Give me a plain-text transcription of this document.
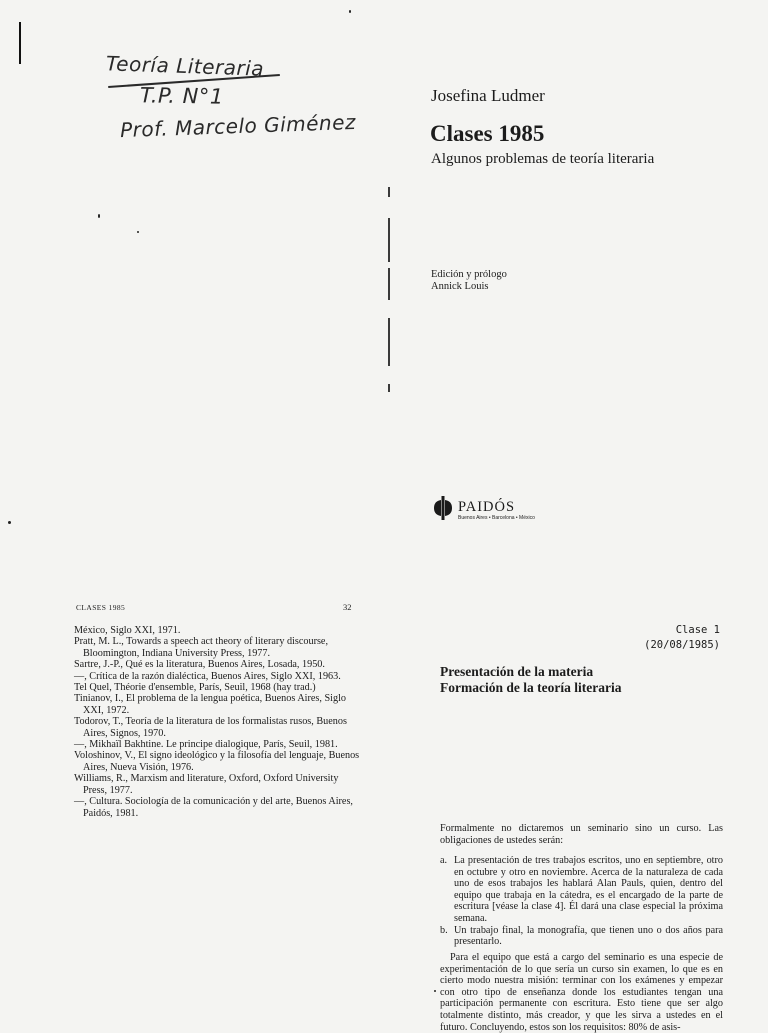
Teoría Literaria
T.P. N°1
Prof. Marcelo Giménez
Josefina Ludmer
Clases 1985
Algunos problemas de teoría literaria
Edición y prólogo
Annick Louis
PAIDÓS
Buenos Aires • Barcelona • México
CLASES 1985	32
México, Siglo XXI, 1971.
Pratt, M. L., Towards a speech act theory of literary discourse, Bloomington, Indiana University Press, 1977.
Sartre, J.-P., Qué es la literatura, Buenos Aires, Losada, 1950.
—, Crítica de la razón dialéctica, Buenos Aires, Siglo XXI, 1963.
Tel Quel, Théorie d'ensemble, París, Seuil, 1968 (hay trad.)
Tinianov, I., El problema de la lengua poética, Buenos Aires, Siglo XXI, 1972.
Todorov, T., Teoría de la literatura de los formalistas rusos, Buenos Aires, Signos, 1970.
—, Mikhaïl Bakhtine. Le principe dialogique, París, Seuil, 1981.
Voloshinov, V., El signo ideológico y la filosofía del lenguaje, Buenos Aires, Nueva Visión, 1976.
Williams, R., Marxism and literature, Oxford, Oxford University Press, 1977.
—, Cultura. Sociología de la comunicación y del arte, Buenos Aires, Paidós, 1981.
Clase 1
(20/08/1985)
Presentación de la materia
Formación de la teoría literaria
Formalmente no dictaremos un seminario sino un curso. Las obligaciones de ustedes serán:
a. La presentación de tres trabajos escritos, uno en septiembre, otro en octubre y otro en noviembre. Acerca de la naturaleza de cada uno de esos trabajos les hablará Alan Pauls, quien, dentro del equipo que trabaja en la cátedra, es el encargado de la parte de escritura [véase la clase 4]. Él dará una clase especial la próxima semana.
b. Un trabajo final, la monografía, que tienen uno o dos años para presentarlo.
Para el equipo que está a cargo del seminario es una especie de experimentación de lo que sería un curso sin examen, lo que es en cierto modo nuestra misión: terminar con los exámenes y empezar con otro tipo de enseñanza donde los estudiantes tengan una participación permanente con escritura. Esto tiene que ser algo totalmente distinto, más creador, y que les sirva a ustedes en el futuro. Concluyendo, estos son los requisitos: 80% de asis-
